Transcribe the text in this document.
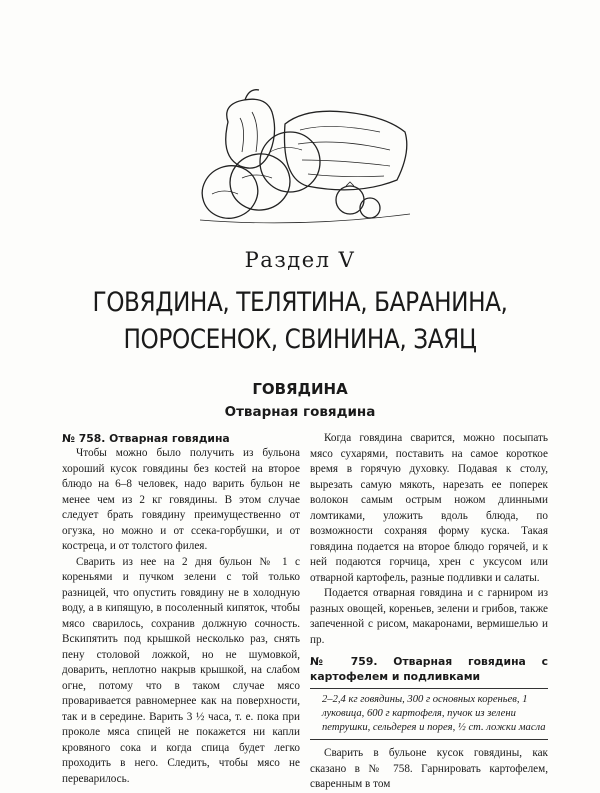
Раздел V
ГОВЯДИНА, ТЕЛЯТИНА, БАРАНИНА,
ПОРОСЕНОК, СВИНИНА, ЗАЯЦ
ГОВЯДИНА
Отварная говядина

№ 758. Отварная говядина

Чтобы можно было получить из бульона хороший кусок говядины без костей на второе блюдо на 6–8 человек, надо варить бульон не менее чем из 2 кг говядины. В этом случае следует брать говядину преимущественно от огузка, но можно и от ссека-горбушки, и от костреца, и от толстого филея.

Сварить из нее на 2 дня бульон № 1 с кореньями и пучком зелени с той только разницей, что опустить говядину не в холодную воду, а в кипящую, в посоленный кипяток, чтобы мясо сварилось, сохранив должную сочность. Вскипятить под крышкой несколько раз, снять пену столовой ложкой, но не шумовкой, доварить, неплотно накрыв крышкой, на слабом огне, потому что в таком случае мясо проваривается равномернее как на поверхности, так и в середине. Варить 3 ½ часа, т. е. пока при проколе мяса спицей не покажется ни капли кровяного сока и когда спица будет легко проходить в него. Следить, чтобы мясо не переварилось.

Когда говядина сварится, можно посыпать мясо сухарями, поставить на самое короткое время в горячую духовку. Подавая к столу, вырезать самую мякоть, нарезать ее поперек волокон самым острым ножом длинными ломтиками, уложить вдоль блюда, по возможности сохраняя форму куска. Такая говядина подается на второе блюдо горячей, и к ней подаются горчица, хрен с уксусом или отварной картофель, разные подливки и салаты.

Подается отварная говядина и с гарниром из разных овощей, кореньев, зелени и грибов, также запеченной с рисом, макаронами, вермишелью и пр.

№ 759. Отварная говядина с картофелем и подливками

2–2,4 кг говядины, 300 г основных кореньев, 1 луковица, 600 г картофеля, пучок из зелени петрушки, сельдерея и порея, ½ ст. ложки масла

Сварить в бульоне кусок говядины, как сказано в № 758. Гарнировать картофелем, сваренным в том
